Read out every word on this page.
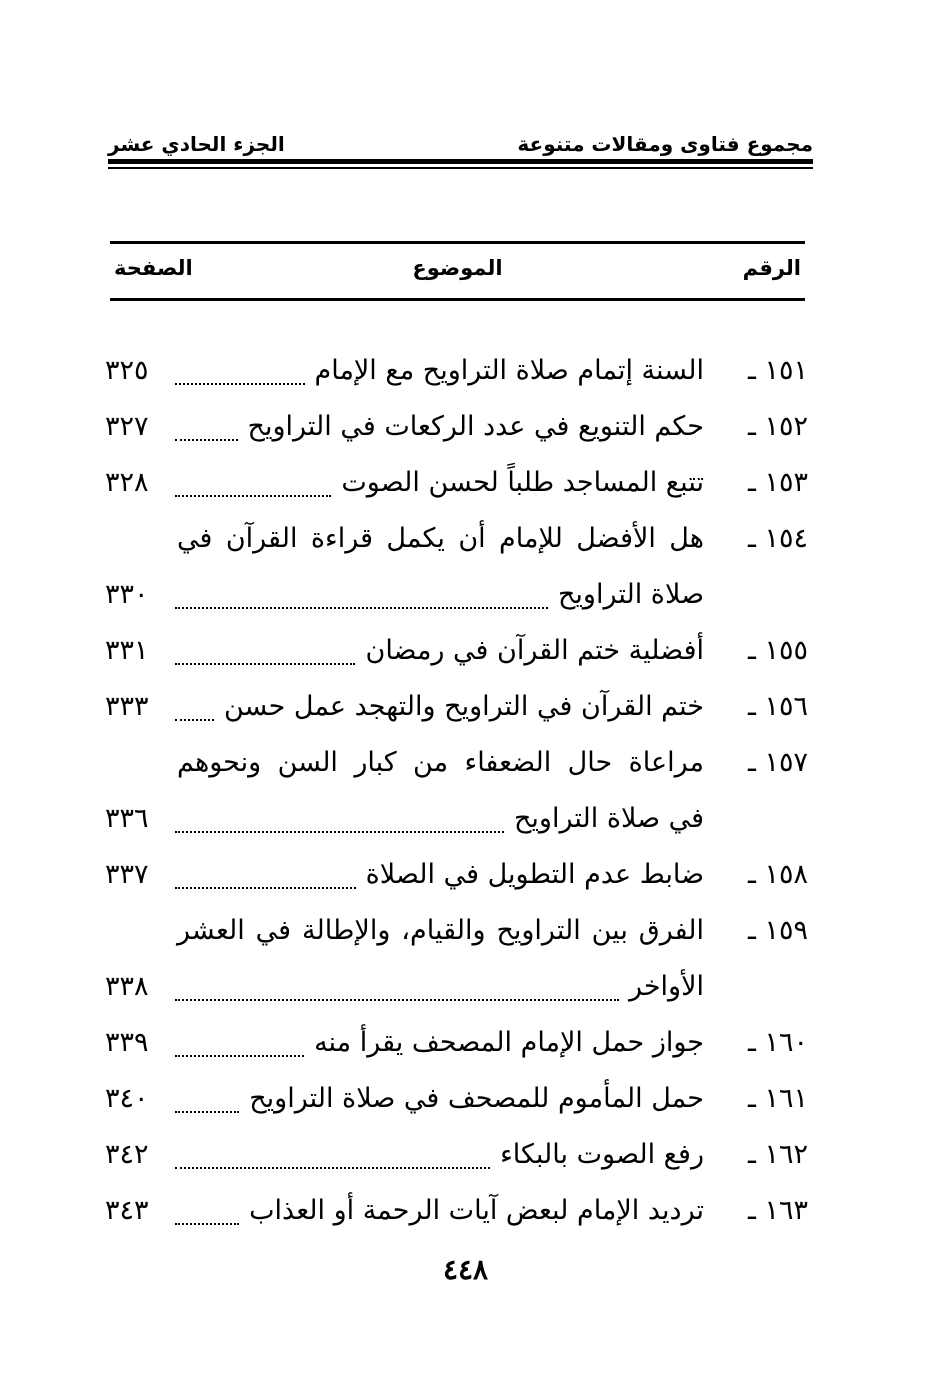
مجموع فتاوى ومقالات متنوعة
الجزء الحادي عشر
الرقم
الموضوع
الصفحة
١٥١ ـ
السنة إتمام صلاة التراويح مع الإمام
٣٢٥
١٥٢ ـ
حكم التنويع في عدد الركعات في التراويح
٣٢٧
١٥٣ ـ
تتبع المساجد طلباً لحسن الصوت
٣٢٨
١٥٤ ـ
هل الأفضل للإمام أن يكمل قراءة القرآن في
صلاة التراويح
٣٣٠
١٥٥ ـ
أفضلية ختم القرآن في رمضان
٣٣١
١٥٦ ـ
ختم القرآن في التراويح والتهجد عمل حسن
٣٣٣
١٥٧ ـ
مراعاة حال الضعفاء من كبار السن ونحوهم
في صلاة التراويح
٣٣٦
١٥٨ ـ
ضابط عدم التطويل في الصلاة
٣٣٧
١٥٩ ـ
الفرق بين التراويح والقيام، والإطالة في العشر
الأواخر
٣٣٨
١٦٠ ـ
جواز حمل الإمام المصحف يقرأ منه
٣٣٩
١٦١ ـ
حمل المأموم للمصحف في صلاة التراويح
٣٤٠
١٦٢ ـ
رفع الصوت بالبكاء
٣٤٢
١٦٣ ـ
ترديد الإمام لبعض آيات الرحمة أو العذاب
٣٤٣
٤٤٨
